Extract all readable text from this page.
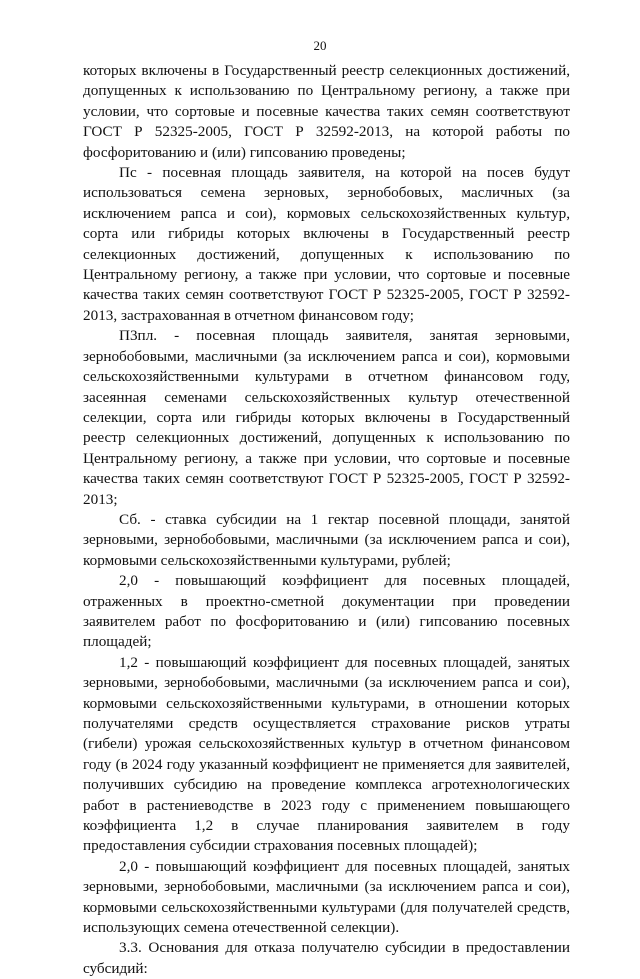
20

которых включены в Государственный реестр селекционных достижений, допущенных к использованию по Центральному региону, а также при условии, что сортовые и посевные качества таких семян соответствуют ГОСТ Р 52325-2005, ГОСТ Р 32592-2013, на которой работы по фосфоритованию и (или) гипсованию проведены;

Пс - посевная площадь заявителя, на которой на посев будут использоваться семена зерновых, зернобобовых, масличных (за исключением рапса и сои), кормовых сельскохозяйственных культур, сорта или гибриды которых включены в Государственный реестр селекционных достижений, допущенных к использованию по Центральному региону, а также при условии, что сортовые и посевные качества таких семян соответствуют ГОСТ Р 52325-2005, ГОСТ Р 32592-2013, застрахованная в отчетном финансовом году;

П3пл. - посевная площадь заявителя, занятая зерновыми, зернобобовыми, масличными (за исключением рапса и сои), кормовыми сельскохозяйственными культурами в отчетном финансовом году, засеянная семенами сельскохозяйственных культур отечественной селекции, сорта или гибриды которых включены в Государственный реестр селекционных достижений, допущенных к использованию по Центральному региону, а также при условии, что сортовые и посевные качества таких семян соответствуют ГОСТ Р 52325-2005, ГОСТ Р 32592-2013;

Сб. - ставка субсидии на 1 гектар посевной площади, занятой зерновыми, зернобобовыми, масличными (за исключением рапса и сои), кормовыми сельскохозяйственными культурами, рублей;

2,0 - повышающий коэффициент для посевных площадей, отраженных в проектно-сметной документации при проведении заявителем работ по фосфоритованию и (или) гипсованию посевных площадей;

1,2 - повышающий коэффициент для посевных площадей, занятых зерновыми, зернобобовыми, масличными (за исключением рапса и сои), кормовыми сельскохозяйственными культурами, в отношении которых получателями средств осуществляется страхование рисков утраты (гибели) урожая сельскохозяйственных культур в отчетном финансовом году (в 2024 году указанный коэффициент не применяется для заявителей, получивших субсидию на проведение комплекса агротехнологических работ в растениеводстве в 2023 году с применением повышающего коэффициента 1,2 в случае планирования заявителем в году предоставления субсидии страхования посевных площадей);

2,0 - повышающий коэффициент для посевных площадей, занятых зерновыми, зернобобовыми, масличными (за исключением рапса и сои), кормовыми сельскохозяйственными культурами (для получателей средств, использующих семена отечественной селекции).

3.3. Основания для отказа получателю субсидии в предоставлении субсидий:
